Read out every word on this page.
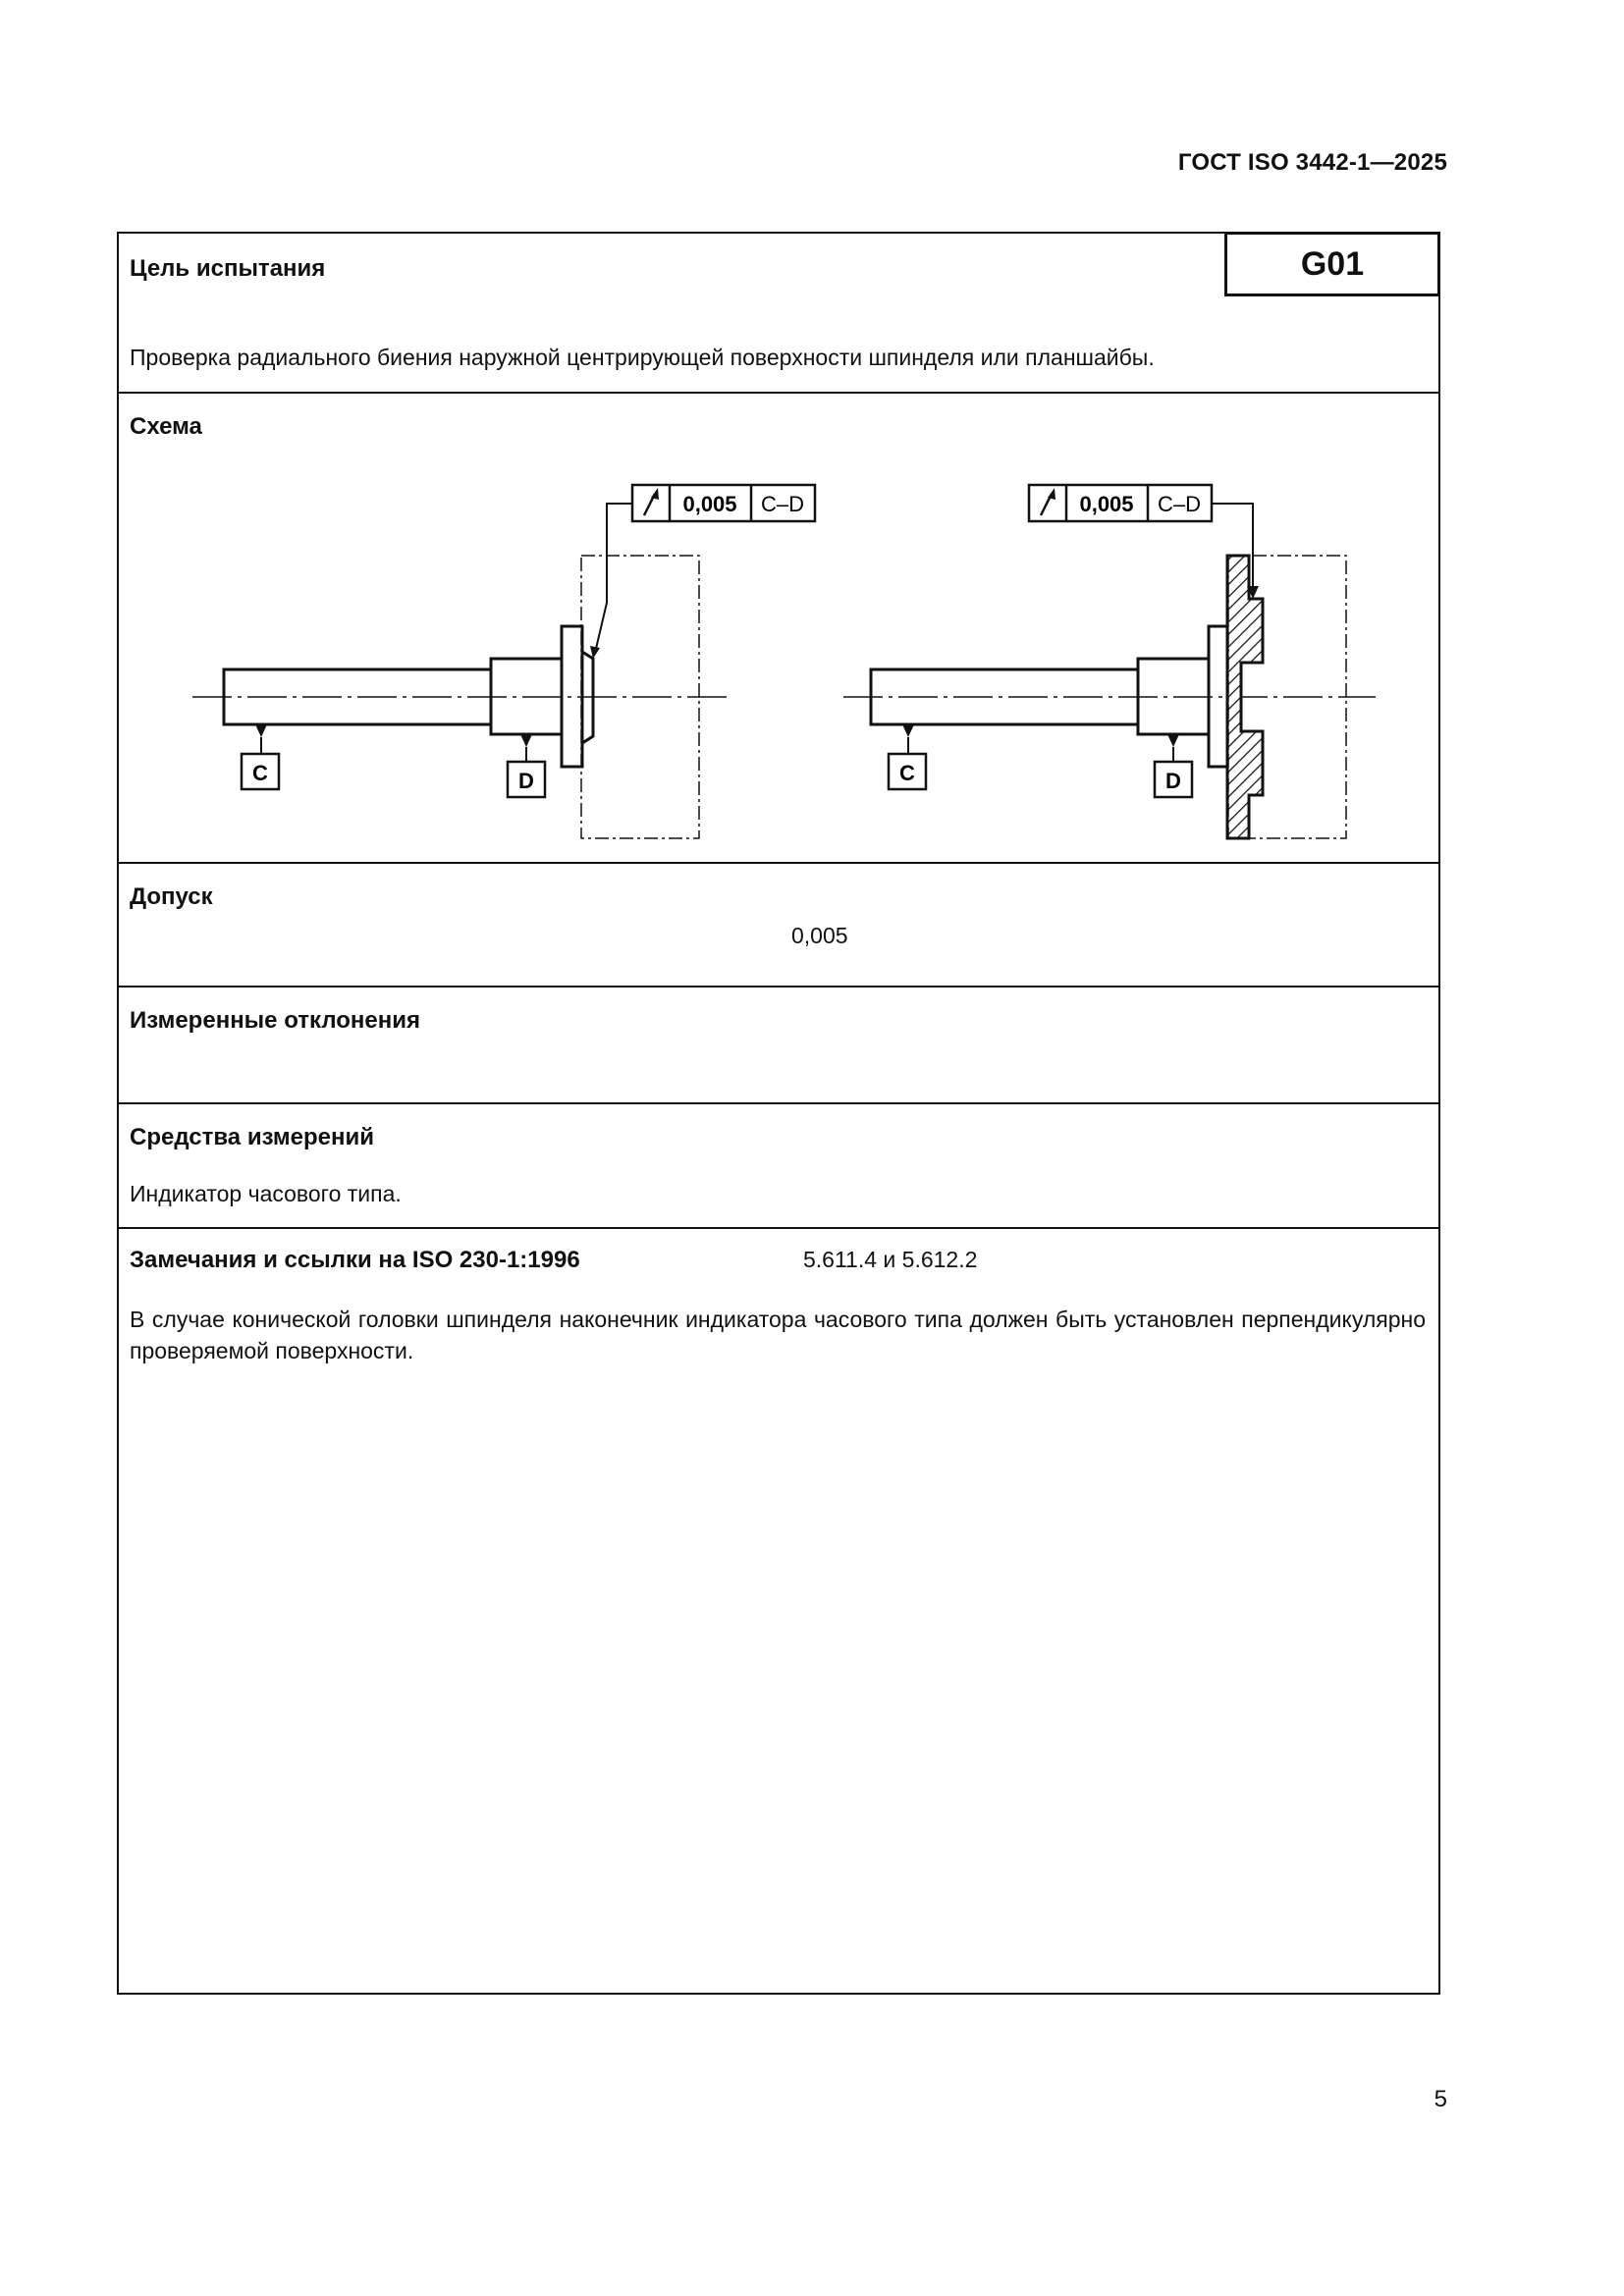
ГОСТ ISO 3442-1—2025
Цель испытания	G01
Проверка радиального биения наружной центрирующей поверхности шпинделя или планшайбы.
Схема
C	D
0,005 C–D
C	D
0,005 C–D
Допуск
0,005
Измеренные отклонения
Средства измерений
Индикатор часового типа.
Замечания и ссылки на ISO 230-1:1996	5.611.4 и 5.612.2
В случае конической головки шпинделя наконечник индикатора часового типа должен быть установлен перпендикулярно проверяемой поверхности.
5
